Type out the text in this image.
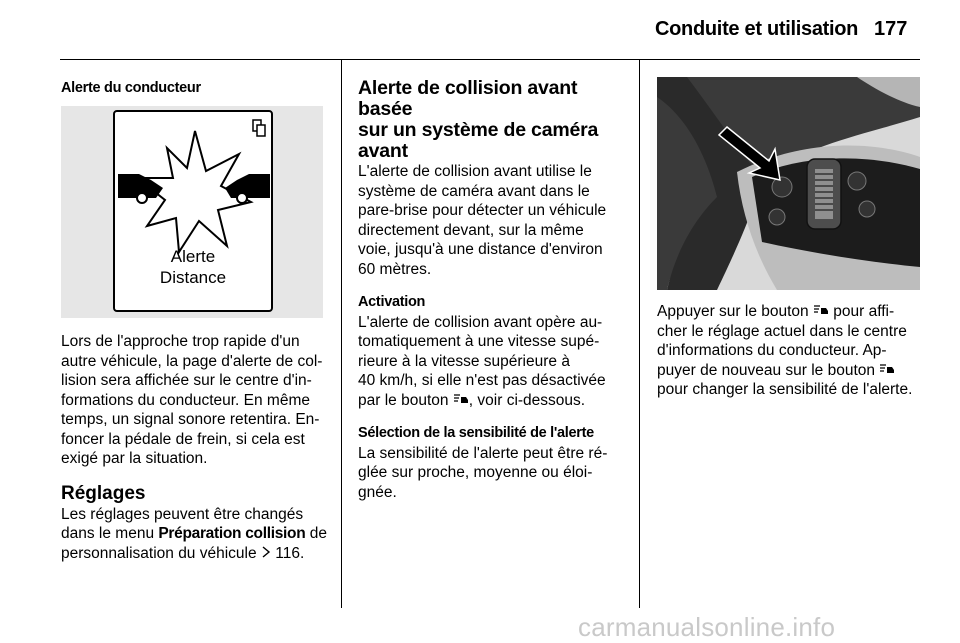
Conduite et utilisation 177
Alerte du conducteur
Alerte
Distance

Lors de l'approche trop rapide d'un
autre véhicule, la page d'alerte de col-
lision sera affichée sur le centre d'in-
formations du conducteur. En même
temps, un signal sonore retentira. En-
foncer la pédale de frein, si cela est
exigé par la situation.

Réglages

Les réglages peuvent être changés
dans le menu Préparation collision de
personnalisation du véhicule  116.

Alerte de collision avant basée
sur un système de caméra
avant

L'alerte de collision avant utilise le
système de caméra avant dans le
pare-brise pour détecter un véhicule
directement devant, sur la même
voie, jusqu'à une distance d'environ
60 mètres.

Activation

L'alerte de collision avant opère au-
tomatiquement à une vitesse supé-
rieure à la vitesse supérieure à
40 km/h, si elle n'est pas désactivée
par le bouton , voir ci-dessous.

Sélection de la sensibilité de l'alerte

La sensibilité de l'alerte peut être ré-
glée sur proche, moyenne ou éloi-
gnée.

Appuyer sur le bouton  pour affi-
cher le réglage actuel dans le centre
d'informations du conducteur. Ap-
puyer de nouveau sur le bouton
pour changer la sensibilité de l'alerte.

carmanualsonline.info
